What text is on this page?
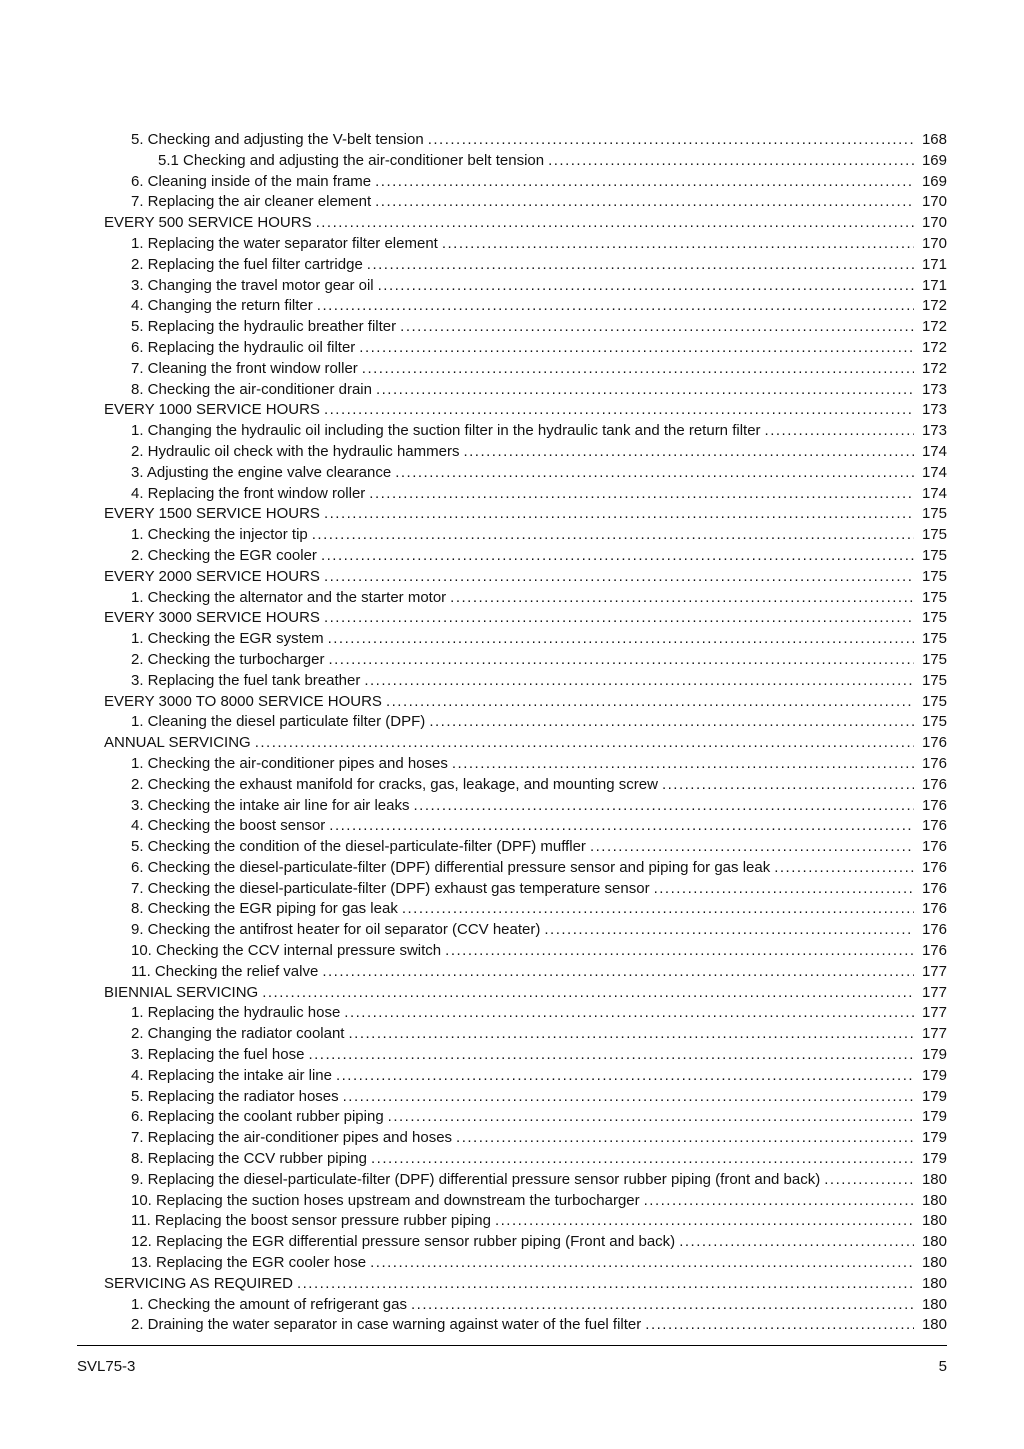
5. Checking and adjusting the V-belt tension .....	168
5.1 Checking and adjusting the air-conditioner belt tension .....	169
6. Cleaning inside of the main frame .....	169
7. Replacing the air cleaner element .....	170
EVERY 500 SERVICE HOURS .....	170
1. Replacing the water separator filter element .....	170
2. Replacing the fuel filter cartridge .....	171
3. Changing the travel motor gear oil .....	171
4. Changing the return filter .....	172
5. Replacing the hydraulic breather filter .....	172
6. Replacing the hydraulic oil filter .....	172
7. Cleaning the front window roller .....	172
8. Checking the air-conditioner drain .....	173
EVERY 1000 SERVICE HOURS .....	173
1. Changing the hydraulic oil including the suction filter in the hydraulic tank and the return filter .....	173
2. Hydraulic oil check with the hydraulic hammers .....	174
3. Adjusting the engine valve clearance .....	174
4. Replacing the front window roller .....	174
EVERY 1500 SERVICE HOURS .....	175
1. Checking the injector tip .....	175
2. Checking the EGR cooler .....	175
EVERY 2000 SERVICE HOURS .....	175
1. Checking the alternator and the starter motor .....	175
EVERY 3000 SERVICE HOURS .....	175
1. Checking the EGR system .....	175
2. Checking the turbocharger .....	175
3. Replacing the fuel tank breather .....	175
EVERY 3000 TO 8000 SERVICE HOURS .....	175
1. Cleaning the diesel particulate filter (DPF) .....	175
ANNUAL SERVICING .....	176
1. Checking the air-conditioner pipes and hoses .....	176
2. Checking the exhaust manifold for cracks, gas, leakage, and mounting screw .....	176
3. Checking the intake air line for air leaks .....	176
4. Checking the boost sensor .....	176
5. Checking the condition of the diesel-particulate-filter (DPF) muffler .....	176
6. Checking the diesel-particulate-filter (DPF) differential pressure sensor and piping for gas leak .....	176
7. Checking the diesel-particulate-filter (DPF) exhaust gas temperature sensor .....	176
8. Checking the EGR piping for gas leak .....	176
9. Checking the antifrost heater for oil separator (CCV heater) .....	176
10. Checking the CCV internal pressure switch .....	176
11. Checking the relief valve .....	177
BIENNIAL SERVICING .....	177
1. Replacing the hydraulic hose .....	177
2. Changing the radiator coolant .....	177
3. Replacing the fuel hose .....	179
4. Replacing the intake air line .....	179
5. Replacing the radiator hoses .....	179
6. Replacing the coolant rubber piping .....	179
7. Replacing the air-conditioner pipes and hoses .....	179
8. Replacing the CCV rubber piping .....	179
9. Replacing the diesel-particulate-filter (DPF) differential pressure sensor rubber piping (front and back) .....	180
10. Replacing the suction hoses upstream and downstream the turbocharger .....	180
11. Replacing the boost sensor pressure rubber piping .....	180
12. Replacing the EGR differential pressure sensor rubber piping (Front and back) .....	180
13. Replacing the EGR cooler hose .....	180
SERVICING AS REQUIRED .....	180
1. Checking the amount of refrigerant gas .....	180
2. Draining the water separator in case warning against water of the fuel filter .....	180
SVL75-3	5
